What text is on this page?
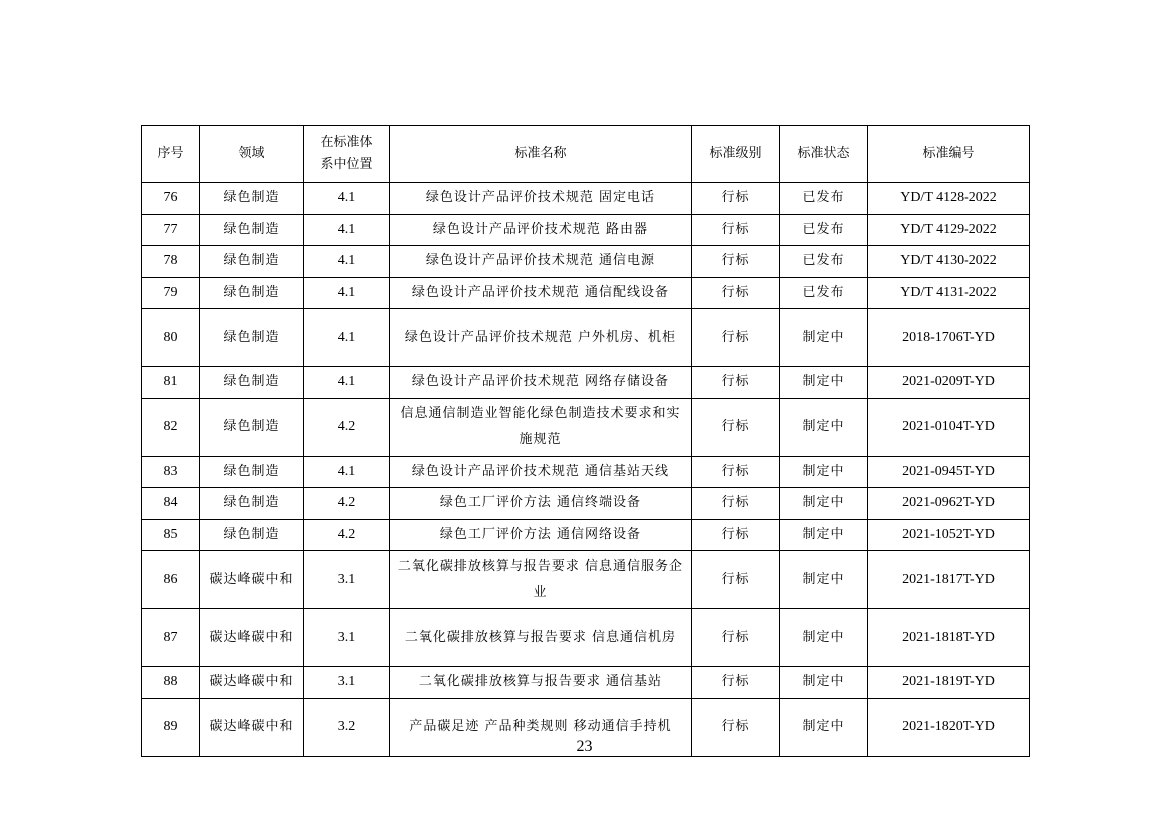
序号	领域	在标准体系中位置	标准名称	标准级别	标准状态	标准编号
76	绿色制造	4.1	绿色设计产品评价技术规范 固定电话	行标	已发布	YD/T 4128-2022
77	绿色制造	4.1	绿色设计产品评价技术规范 路由器	行标	已发布	YD/T 4129-2022
78	绿色制造	4.1	绿色设计产品评价技术规范 通信电源	行标	已发布	YD/T 4130-2022
79	绿色制造	4.1	绿色设计产品评价技术规范 通信配线设备	行标	已发布	YD/T 4131-2022
80	绿色制造	4.1	绿色设计产品评价技术规范 户外机房、机柜	行标	制定中	2018-1706T-YD
81	绿色制造	4.1	绿色设计产品评价技术规范 网络存储设备	行标	制定中	2021-0209T-YD
82	绿色制造	4.2	信息通信制造业智能化绿色制造技术要求和实施规范	行标	制定中	2021-0104T-YD
83	绿色制造	4.1	绿色设计产品评价技术规范 通信基站天线	行标	制定中	2021-0945T-YD
84	绿色制造	4.2	绿色工厂评价方法 通信终端设备	行标	制定中	2021-0962T-YD
85	绿色制造	4.2	绿色工厂评价方法 通信网络设备	行标	制定中	2021-1052T-YD
86	碳达峰碳中和	3.1	二氧化碳排放核算与报告要求 信息通信服务企业	行标	制定中	2021-1817T-YD
87	碳达峰碳中和	3.1	二氧化碳排放核算与报告要求 信息通信机房	行标	制定中	2021-1818T-YD
88	碳达峰碳中和	3.1	二氧化碳排放核算与报告要求 通信基站	行标	制定中	2021-1819T-YD
89	碳达峰碳中和	3.2	产品碳足迹 产品种类规则 移动通信手持机	行标	制定中	2021-1820T-YD
23
